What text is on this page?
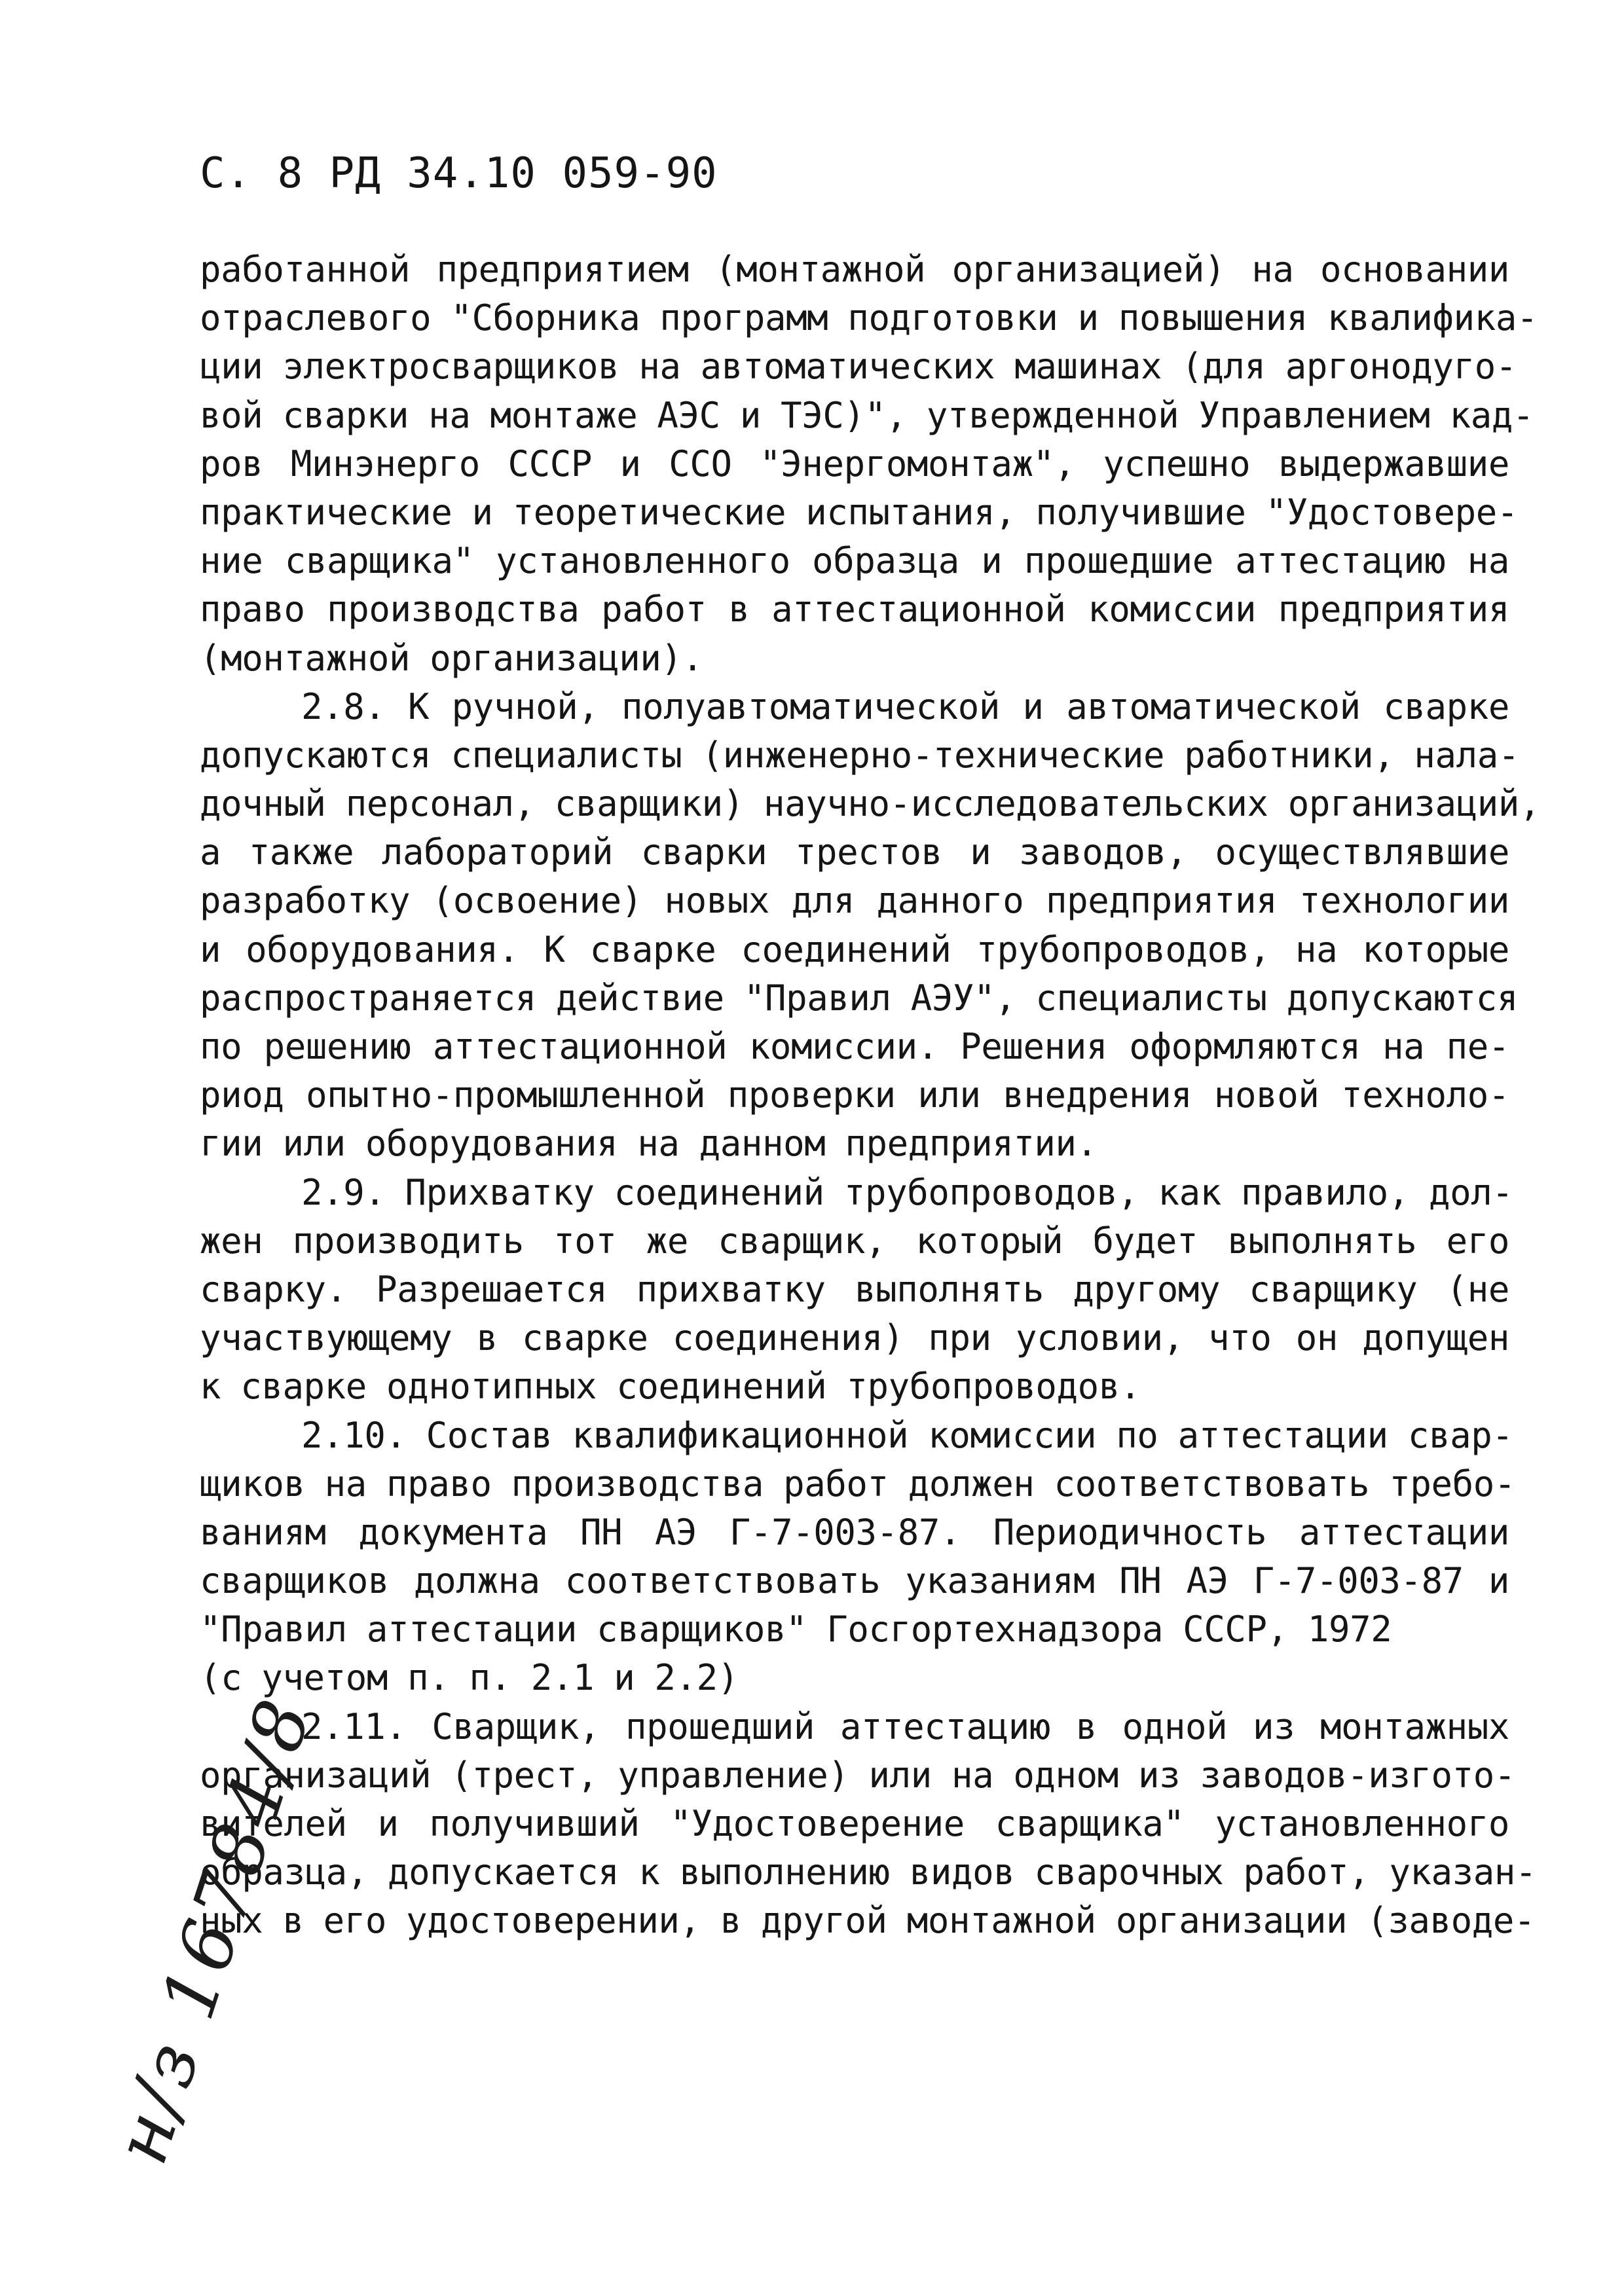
С. 8 РД 34.10 059-90
работанной предприятием (монтажной организацией) на основании
отраслевого "Сборника программ подготовки и повышения квалифика-
ции электросварщиков на автоматических машинах (для аргонодуго-
вой сварки на монтаже АЭС и ТЭС)", утвержденной Управлением кад-
ров Минэнерго СССР и ССО "Энергомонтаж", успешно выдержавшие
практические и теоретические испытания, получившие "Удостовере-
ние сварщика" установленного образца и прошедшие аттестацию на
право производства работ в аттестационной комиссии предприятия
(монтажной организации).
2.8. К ручной, полуавтоматической и автоматической сварке
допускаются специалисты (инженерно-технические работники, нала-
дочный персонал, сварщики) научно-исследовательских организаций,
а также лабораторий сварки трестов и заводов, осуществлявшие
разработку (освоение) новых для данного предприятия технологии
и оборудования. К сварке соединений трубопроводов, на которые
распространяется действие "Правил АЭУ", специалисты допускаются
по решению аттестационной комиссии. Решения оформляются на пе-
риод опытно-промышленной проверки или внедрения новой техноло-
гии или оборудования на данном предприятии.
2.9. Прихватку соединений трубопроводов, как правило, дол-
жен производить тот же сварщик, который будет выполнять его
сварку. Разрешается прихватку выполнять другому сварщику (не
участвующему в сварке соединения) при условии, что он допущен
к сварке однотипных соединений трубопроводов.
2.10. Состав квалификационной комиссии по аттестации свар-
щиков на право производства работ должен соответствовать требо-
ваниям документа ПН АЭ Г-7-003-87. Периодичность аттестации
сварщиков должна соответствовать указаниям ПН АЭ Г-7-003-87 и
"Правил аттестации сварщиков" Госгортехнадзора СССР, 1972
(с учетом п. п. 2.1 и 2.2)
2.11. Сварщик, прошедший аттестацию в одной из монтажных
организаций (трест, управление) или на одном из заводов-изгото-
вителей и получивший "Удостоверение сварщика" установленного
образца, допускается к выполнению видов сварочных работ, указан-
ных в его удостоверении, в другой монтажной организации (заводе-
н/з 16784/8
